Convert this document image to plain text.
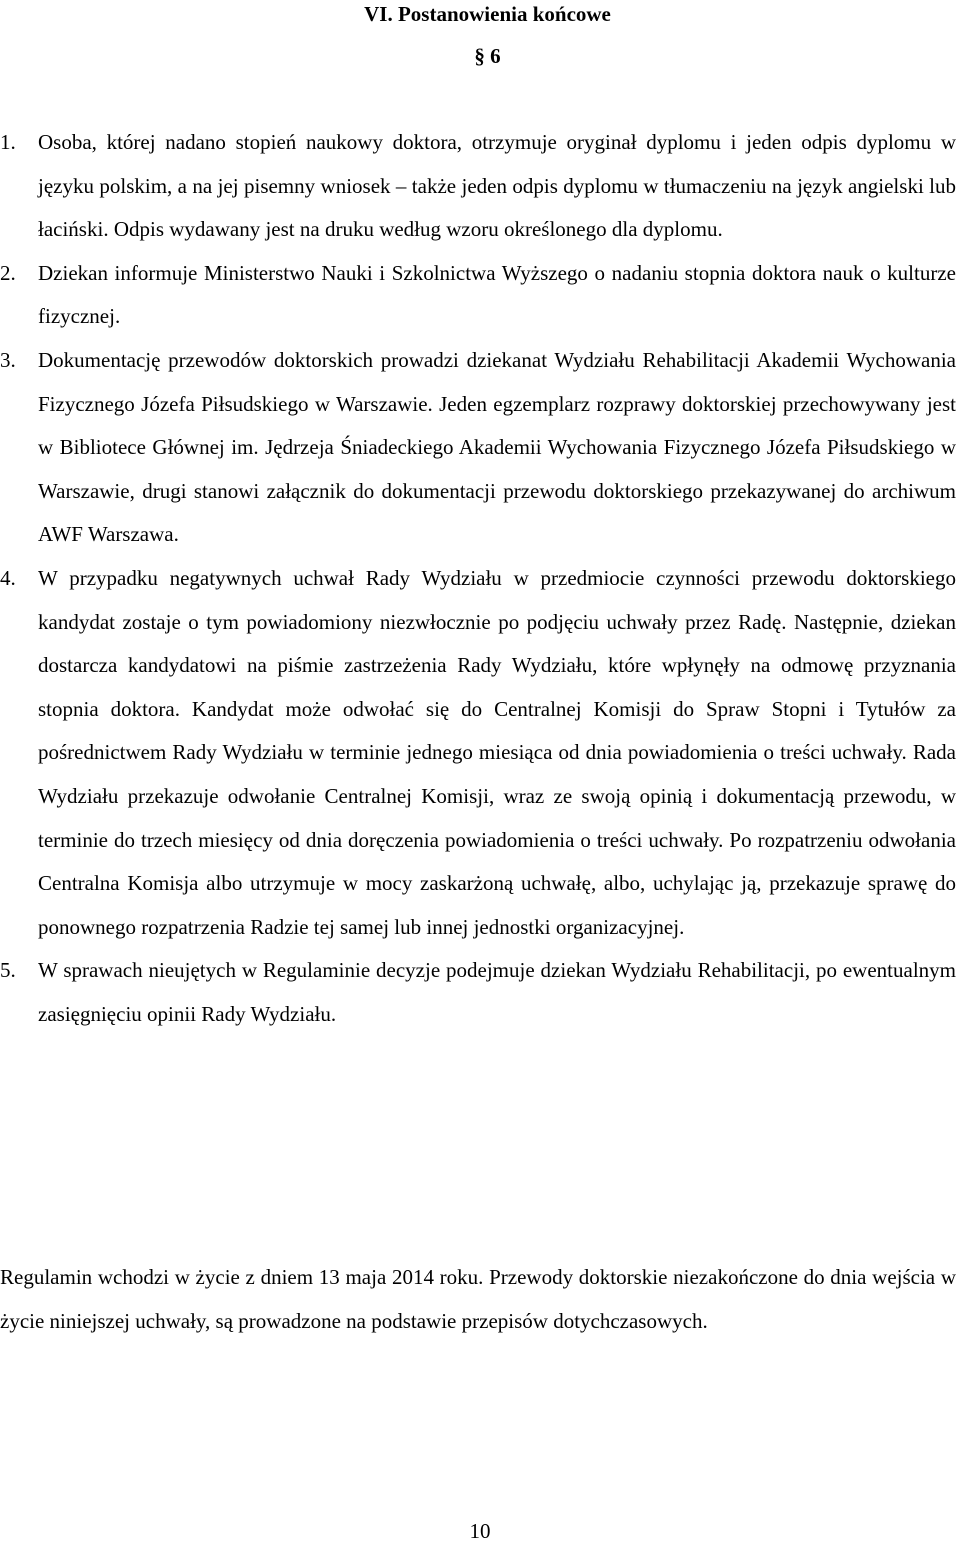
VI. Postanowienia końcowe
§ 6
1.	Osoba, której nadano stopień naukowy doktora, otrzymuje oryginał dyplomu i jeden odpis dyplomu w języku polskim, a na jej pisemny wniosek – także jeden odpis dyplomu w tłumaczeniu na język angielski lub łaciński. Odpis wydawany jest na druku według wzoru określonego dla dyplomu.
2.	Dziekan informuje Ministerstwo Nauki i Szkolnictwa Wyższego o nadaniu stopnia doktora nauk o kulturze fizycznej.
3.	Dokumentację przewodów doktorskich prowadzi dziekanat Wydziału Rehabilitacji Akademii Wychowania Fizycznego Józefa Piłsudskiego w Warszawie. Jeden egzemplarz rozprawy doktorskiej przechowywany jest w Bibliotece Głównej im. Jędrzeja Śniadeckiego Akademii Wychowania Fizycznego Józefa Piłsudskiego w Warszawie, drugi stanowi załącznik do dokumentacji przewodu doktorskiego przekazywanej do archiwum AWF Warszawa.
4.	W przypadku negatywnych uchwał Rady Wydziału w przedmiocie czynności przewodu doktorskiego kandydat zostaje o tym powiadomiony niezwłocznie po podjęciu uchwały przez Radę. Następnie, dziekan dostarcza kandydatowi na piśmie zastrzeżenia Rady Wydziału, które wpłynęły na odmowę przyznania stopnia doktora. Kandydat może odwołać się do Centralnej Komisji do Spraw Stopni i Tytułów za pośrednictwem Rady Wydziału w terminie jednego miesiąca od dnia powiadomienia o treści uchwały. Rada Wydziału przekazuje odwołanie Centralnej Komisji, wraz ze swoją opinią i dokumentacją przewodu, w terminie do trzech miesięcy od dnia doręczenia powiadomienia o treści uchwały. Po rozpatrzeniu odwołania Centralna Komisja albo utrzymuje w mocy zaskarżoną uchwałę, albo, uchylając ją, przekazuje sprawę do ponownego rozpatrzenia Radzie tej samej lub innej jednostki organizacyjnej.
5.	W sprawach nieujętych w Regulaminie decyzje podejmuje dziekan Wydziału Rehabilitacji, po ewentualnym zasięgnięciu opinii Rady Wydziału.

Regulamin wchodzi w życie z dniem 13 maja 2014 roku. Przewody doktorskie niezakończone do dnia wejścia w życie niniejszej uchwały, są prowadzone na podstawie przepisów dotychczasowych.

10
